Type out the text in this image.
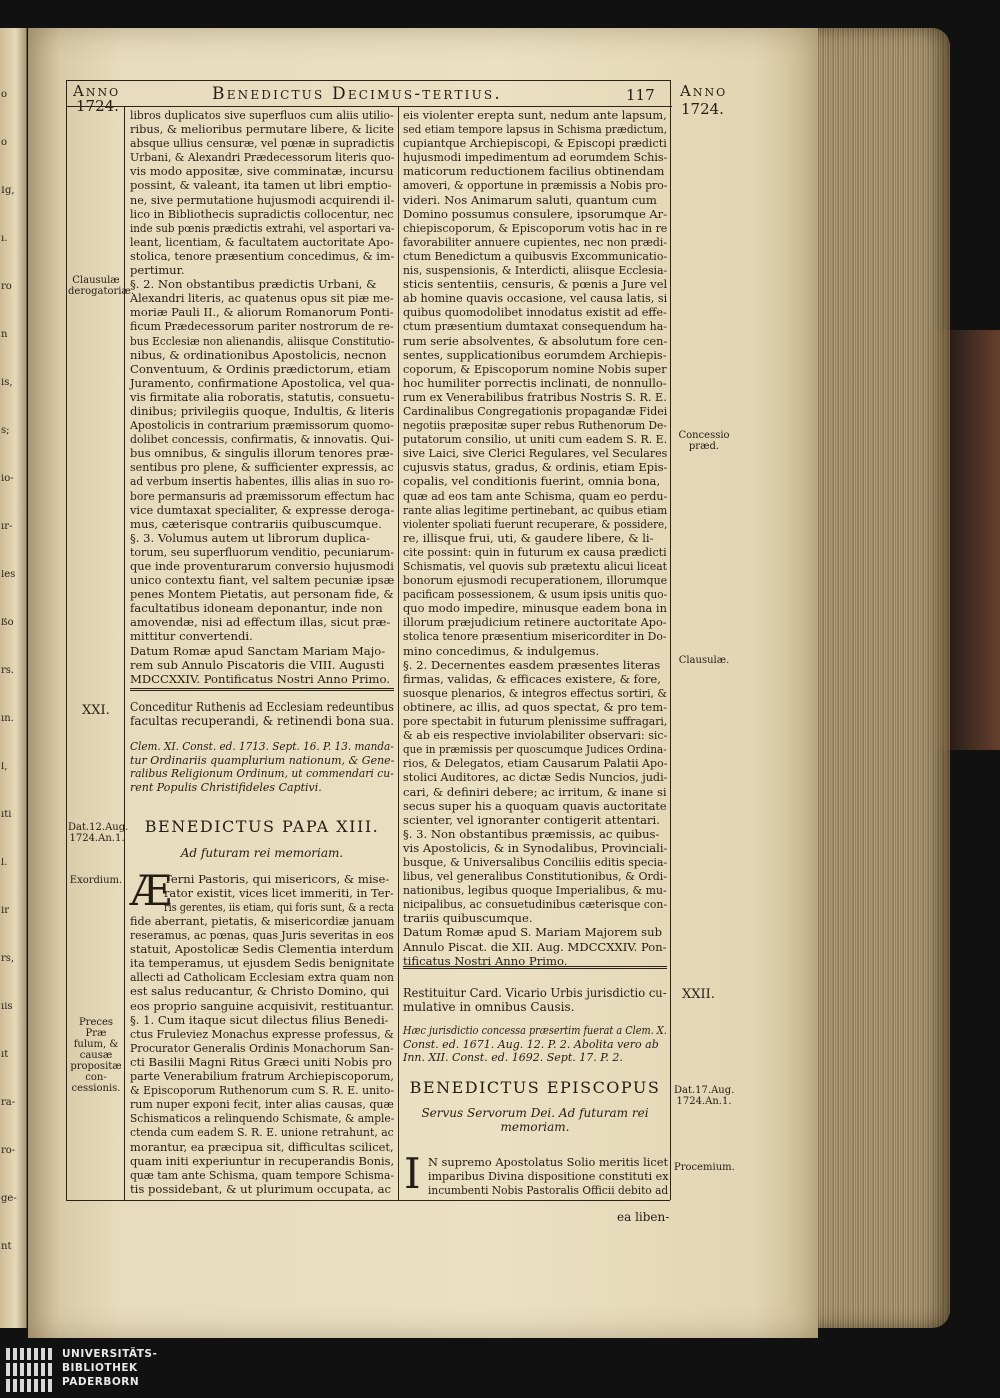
o
o
Ig,
ı.
ro
n
is,
s;
io-
ır-
les
ßo
rs.
ın.
l,
ıti
l.
ir
rs,
ıis
ıt
ra-
ro-
ge-
nt
Anno
1724.
Benedictus Decimus-tertius.	117 Anno
1724.
Clausulæ derogatoriæ.
XXI.
Dat.12.Aug. 1724.An.1.
Exordium.
Preces Præ fulum, & causæ propositæ con-cessionis.
Concessio præd.
Clausulæ.
XXII.
Dat.17.Aug. 1724.An.1.
Procemium.

libros duplicatos sive superfluos cum aliis utilio-

ribus, & melioribus permutare libere, & licite

absque ullius censuræ, vel pœnæ in supradictis

Urbani, & Alexandri Prædecessorum literis quo-

vis modo appositæ, sive comminatæ, incursu

possint, & valeant, ita tamen ut libri emptio-

ne, sive permutatione hujusmodi acquirendi il-

lico in Bibliothecis supradictis collocentur, nec

inde sub pœnis prædictis extrahi, vel asportari va-

leant, licentiam, & facultatem auctoritate Apo-

stolica, tenore præsentium concedimus, & im-

pertimur.

§. 2. Non obstantibus prædictis Urbani, &

Alexandri literis, ac quatenus opus sit piæ me-

moriæ Pauli II., & aliorum Romanorum Ponti-

ficum Prædecessorum pariter nostrorum de re-

bus Ecclesiæ non alienandis, aliisque Constitutio-

nibus, & ordinationibus Apostolicis, necnon

Conventuum, & Ordinis prædictorum, etiam

Juramento, confirmatione Apostolica, vel qua-

vis firmitate alia roboratis, statutis, consuetu-

dinibus; privilegiis quoque, Indultis, & literis

Apostolicis in contrarium præmissorum quomo-

dolibet concessis, confirmatis, & innovatis. Qui-

bus omnibus, & singulis illorum tenores præ-

sentibus pro plene, & sufficienter expressis, ac

ad verbum insertis habentes, illis alias in suo ro-

bore permansuris ad præmissorum effectum hac

vice dumtaxat specialiter, & expresse deroga-

mus, cæterisque contrariis quibuscumque.

§. 3. Volumus autem ut librorum duplica-

torum, seu superfluorum venditio, pecuniarum-

que inde proventurarum conversio hujusmodi

unico contextu fiant, vel saltem pecuniæ ipsæ

penes Montem Pietatis, aut personam fide, &

facultatibus idoneam deponantur, inde non

amovendæ, nisi ad effectum illas, sicut præ-

mittitur convertendi.

Datum Romæ apud Sanctam Mariam Majo-

rem sub Annulo Piscatoris die VIII. Augusti

MDCCXXIV. Pontificatus Nostri Anno Primo.

Conceditur Ruthenis ad Ecclesiam redeuntibus

facultas recuperandi, & retinendi bona sua.

Clem. XI. Const. ed. 1713. Sept. 16. P. 13. manda-

tur Ordinariis quamplurium nationum, & Gene-

ralibus Religionum Ordinum, ut commendari cu-

rent Populis Christifideles Captivi.

BENEDICTUS PAPA XIII.
Ad futuram rei memoriam.
Æ

Terni Pastoris, qui misericors, & mise-

rator existit, vices licet immeriti, in Ter-

ris gerentes, iis etiam, qui foris sunt, & a recta

fide aberrant, pietatis, & misericordiæ januam

reseramus, ac pœnas, quas Juris severitas in eos

statuit, Apostolicæ Sedis Clementia interdum

ita temperamus, ut ejusdem Sedis benignitate

allecti ad Catholicam Ecclesiam extra quam non

est salus reducantur, & Christo Domino, qui

eos proprio sanguine acquisivit, restituantur.

§. 1. Cum itaque sicut dilectus filius Benedi-

ctus Fruleviez Monachus expresse professus, &

Procurator Generalis Ordinis Monachorum San-

cti Basilii Magni Ritus Græci uniti Nobis pro

parte Venerabilium fratrum Archiepiscoporum,

& Episcoporum Ruthenorum cum S. R. E. unito-

rum nuper exponi fecit, inter alias causas, quæ

Schismaticos a relinquendo Schismate, & ample-

ctenda cum eadem S. R. E. unione retrahunt, ac

morantur, ea præcipua sit, difficultas scilicet,

quam initi experiuntur in recuperandis Bonis,

quæ tam ante Schisma, quam tempore Schisma-

tis possidebant, & ut plurimum occupata, ac

eis violenter erepta sunt, nedum ante lapsum,

sed etiam tempore lapsus in Schisma prædictum,

cupiantque Archiepiscopi, & Episcopi prædicti

hujusmodi impedimentum ad eorumdem Schis-

maticorum reductionem facilius obtinendam

amoveri, & opportune in præmissis a Nobis pro-

videri. Nos Animarum saluti, quantum cum

Domino possumus consulere, ipsorumque Ar-

chiepiscoporum, & Episcoporum votis hac in re

favorabiliter annuere cupientes, nec non prædi-

ctum Benedictum a quibusvis Excommunicatio-

nis, suspensionis, & Interdicti, aliisque Ecclesia-

sticis sententiis, censuris, & pœnis a Jure vel

ab homine quavis occasione, vel causa latis, si

quibus quomodolibet innodatus existit ad effe-

ctum præsentium dumtaxat consequendum ha-

rum serie absolventes, & absolutum fore cen-

sentes, supplicationibus eorumdem Archiepis-

coporum, & Episcoporum nomine Nobis super

hoc humiliter porrectis inclinati, de nonnullo-

rum ex Venerabilibus fratribus Nostris S. R. E.

Cardinalibus Congregationis propagandæ Fidei

negotiis præpositæ super rebus Ruthenorum De-

putatorum consilio, ut uniti cum eadem S. R. E.

sive Laici, sive Clerici Regulares, vel Seculares

cujusvis status, gradus, & ordinis, etiam Epis-

copalis, vel conditionis fuerint, omnia bona,

quæ ad eos tam ante Schisma, quam eo perdu-

rante alias legitime pertinebant, ac quibus etiam

violenter spoliati fuerunt recuperare, & possidere,

re, illisque frui, uti, & gaudere libere, & li-

cite possint: quin in futurum ex causa prædicti

Schismatis, vel quovis sub prætextu alicui liceat

bonorum ejusmodi recuperationem, illorumque

pacificam possessionem, & usum ipsis unitis quo-

quo modo impedire, minusque eadem bona in

illorum præjudicium retinere auctoritate Apo-

stolica tenore præsentium misericorditer in Do-

mino concedimus, & indulgemus.

§. 2. Decernentes easdem præsentes literas

firmas, validas, & efficaces existere, & fore,

suosque plenarios, & integros effectus sortiri, &

obtinere, ac illis, ad quos spectat, & pro tem-

pore spectabit in futurum plenissime suffragari,

& ab eis respective inviolabiliter observari: sic-

que in præmissis per quoscumque Judices Ordina-

rios, & Delegatos, etiam Causarum Palatii Apo-

stolici Auditores, ac dictæ Sedis Nuncios, judi-

cari, & definiri debere; ac irritum, & inane si

secus super his a quoquam quavis auctoritate

scienter, vel ignoranter contigerit attentari.

§. 3. Non obstantibus præmissis, ac quibus-

vis Apostolicis, & in Synodalibus, Provinciali-

busque, & Universalibus Conciliis editis specia-

libus, vel generalibus Constitutionibus, & Ordi-

nationibus, legibus quoque Imperialibus, & mu-

nicipalibus, ac consuetudinibus cæterisque con-

trariis quibuscumque.

Datum Romæ apud S. Mariam Majorem sub

Annulo Piscat. die XII. Aug. MDCCXXIV. Pon-

tificatus Nostri Anno Primo.

Restituitur Card. Vicario Urbis jurisdictio cu-

mulative in omnibus Causis.

Hæc jurisdictio concessa præsertim fuerat a Clem. X.

Const. ed. 1671. Aug. 12. P. 2. Abolita vero ab

Inn. XII. Const. ed. 1692. Sept. 17. P. 2.

BENEDICTUS EPISCOPUS

Servus Servorum Dei. Ad futuram rei

memoriam.

I N supremo Apostolatus Solio meritis licet

imparibus Divina dispositione constituti ex

incumbenti Nobis Pastoralis Officii debito ad

ea liben-
UNIVERSITÄTS-
BIBLIOTHEK
PADERBORN
